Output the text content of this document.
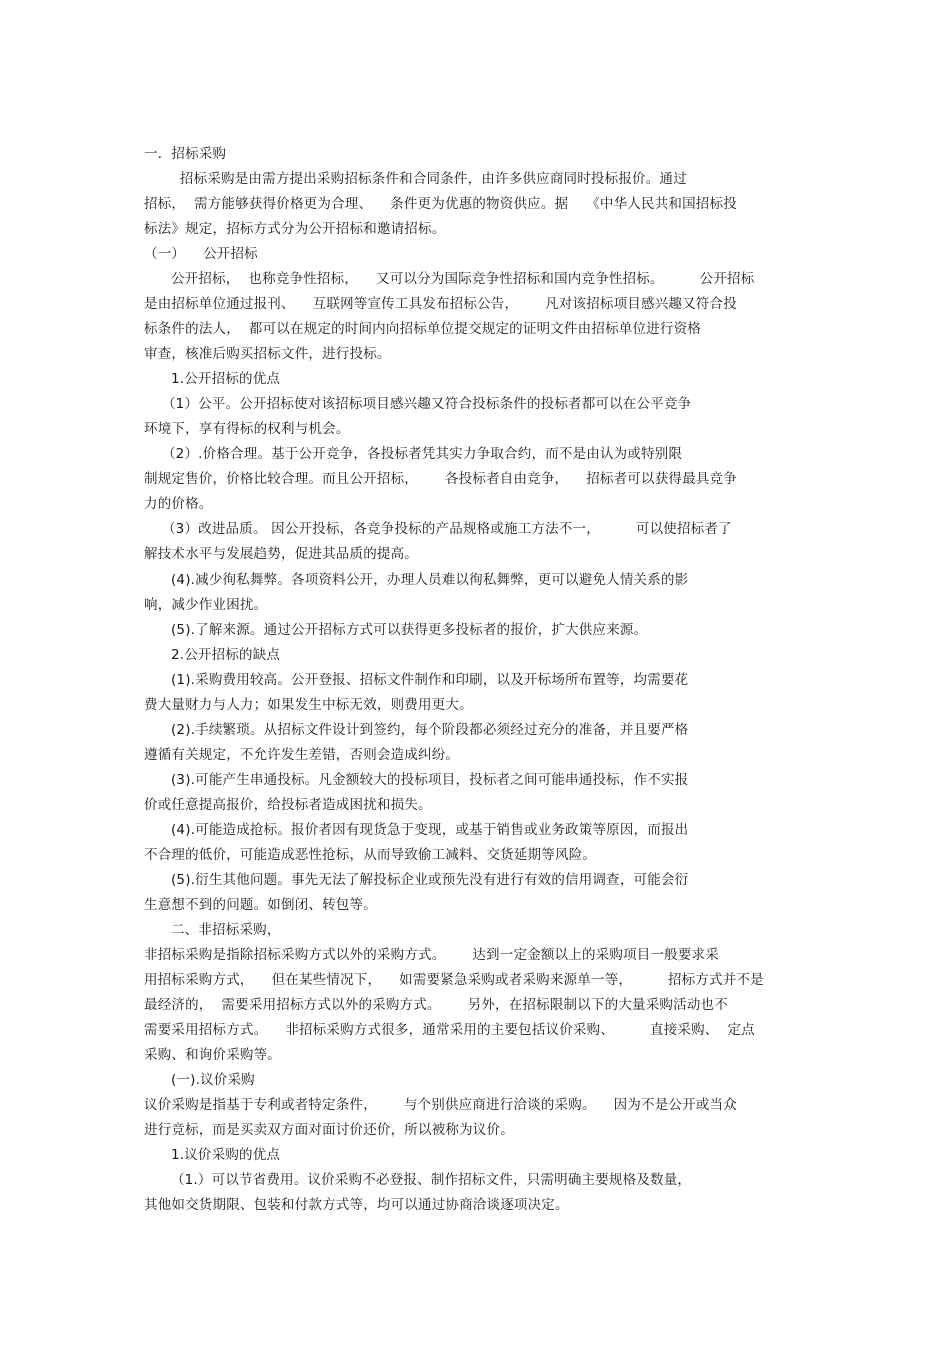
一．招标采购
招标采购是由需方提出采购招标条件和合同条件，由许多供应商同时投标报价。通过
招标，  需方能够获得价格更为合理、    条件更为优惠的物资供应。据    《中华人民共和国招标投
标法》规定，招标方式分为公开招标和邀请招标。
（一）    公开招标
公开招标，  也称竞争性招标，    又可以分为国际竞争性招标和国内竞争性招标。        公开招标
是由招标单位通过报刊、    互联网等宣传工具发布招标公告，      凡对该招标项目感兴趣又符合投
标条件的法人，  都可以在规定的时间内向招标单位提交规定的证明文件由招标单位进行资格
审查，核准后购买招标文件，进行投标。
1.公开招标的优点
（1）公平。公开招标使对该招标项目感兴趣又符合投标条件的投标者都可以在公平竞争
环境下，享有得标的权利与机会。
（2）.价格合理。基于公开竞争，各投标者凭其实力争取合约，而不是由认为或特别限
制规定售价，价格比较合理。而且公开招标，      各投标者自由竞争，    招标者可以获得最具竞争
力的价格。
（3）改进品质。 因公开投标，各竞争投标的产品规格或施工方法不一，        可以使招标者了
解技术水平与发展趋势，促进其品质的提高。
(4).减少徇私舞弊。各项资料公开，办理人员难以徇私舞弊，更可以避免人情关系的影
响，减少作业困扰。
(5).了解来源。通过公开招标方式可以获得更多投标者的报价，扩大供应来源。
2.公开招标的缺点
(1).采购费用较高。公开登报、招标文件制作和印刷，以及开标场所布置等，均需要花
费大量财力与人力；如果发生中标无效，则费用更大。
(2).手续繁琐。从招标文件设计到签约，每个阶段都必须经过充分的准备，并且要严格
遵循有关规定，不允许发生差错，否则会造成纠纷。
(3).可能产生串通投标。凡金额较大的投标项目，投标者之间可能串通投标，作不实报
价或任意提高报价，给投标者造成困扰和损失。
(4).可能造成抢标。报价者因有现货急于变现，或基于销售或业务政策等原因，而报出
不合理的低价，可能造成恶性抢标，从而导致偷工减料、交货延期等风险。
(5).衍生其他问题。事先无法了解投标企业或预先没有进行有效的信用调查，可能会衍
生意想不到的问题。如倒闭、转包等。
二、非招标采购，
非招标采购是指除招标采购方式以外的采购方式。      达到一定金额以上的采购项目一般要求采
用招标采购方式，    但在某些情况下，    如需要紧急采购或者采购来源单一等，        招标方式并不是
最经济的，  需要采用招标方式以外的采购方式。      另外，在招标限制以下的大量采购活动也不
需要采用招标方式。    非招标采购方式很多，通常采用的主要包括议价采购、        直接采购、  定点
采购、和询价采购等。
(一).议价采购
议价采购是指基于专利或者特定条件，      与个别供应商进行洽谈的采购。    因为不是公开或当众
进行竞标，而是买卖双方面对面讨价还价，所以被称为议价。
1.议价采购的优点
（1.）可以节省费用。议价采购不必登报、制作招标文件，只需明确主要规格及数量，
其他如交货期限、包装和付款方式等，均可以通过协商洽谈逐项决定。
